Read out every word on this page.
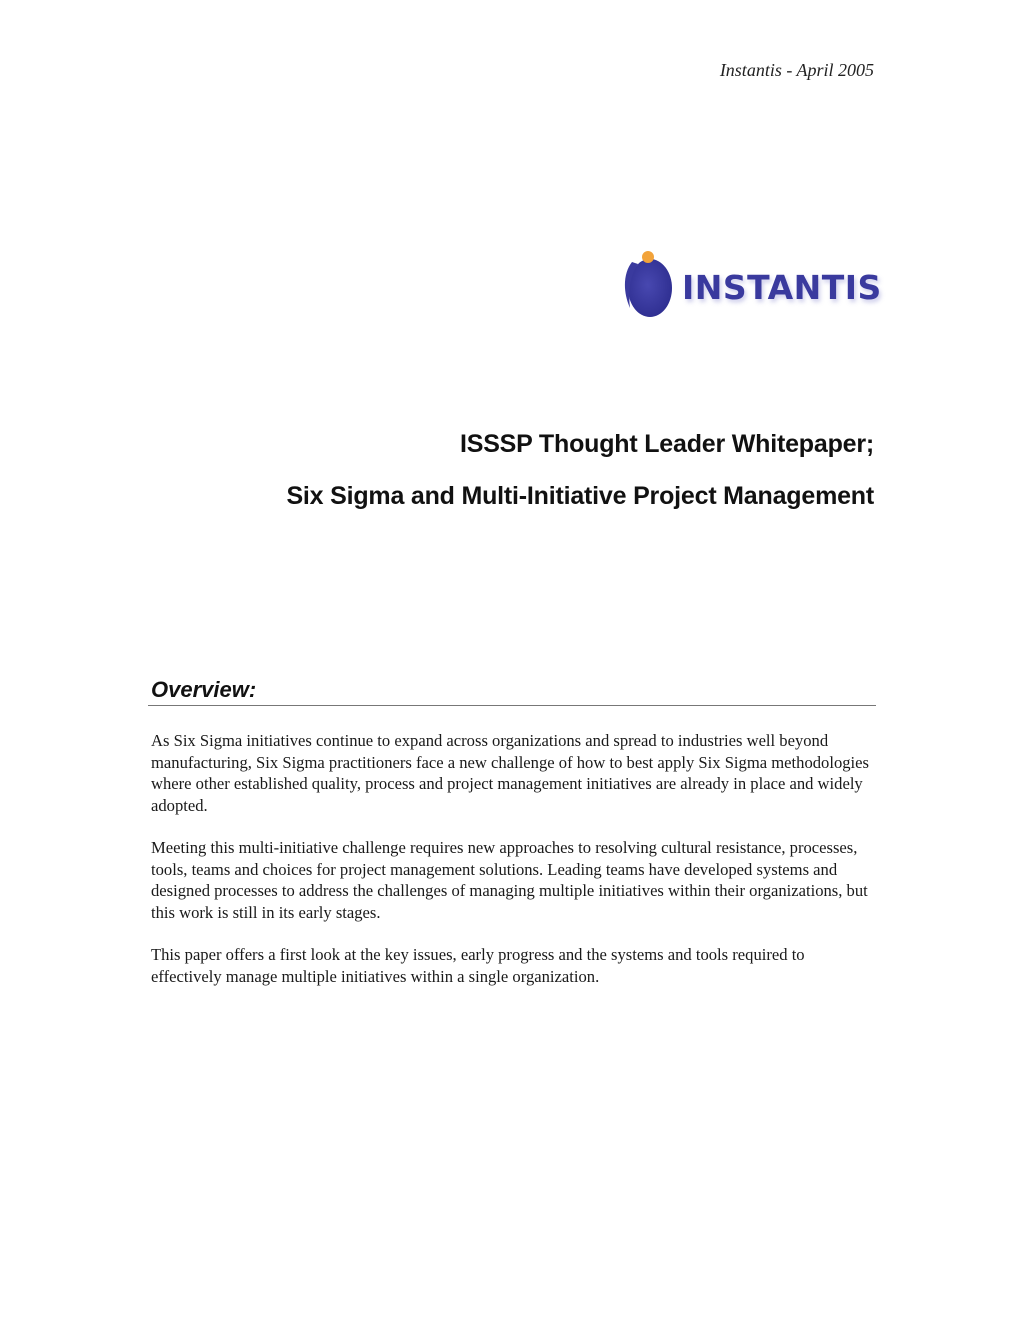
Instantis - April 2005
INSTANTIS
ISSSP Thought Leader Whitepaper;
Six Sigma and Multi-Initiative Project Management
Overview:

As Six Sigma initiatives continue to expand across organizations and spread to industries well beyond manufacturing, Six Sigma practitioners face a new challenge of how to best apply Six Sigma methodologies where other established quality, process and project management initiatives are already in place and widely adopted.

Meeting this multi-initiative challenge requires new approaches to resolving cultural resistance, processes, tools, teams and choices for project management solutions. Leading teams have developed systems and designed processes to address the challenges of managing multiple initiatives within their organizations, but this work is still in its early stages.

This paper offers a first look at the key issues, early progress and the systems and tools required to effectively manage multiple initiatives within a single organization.
